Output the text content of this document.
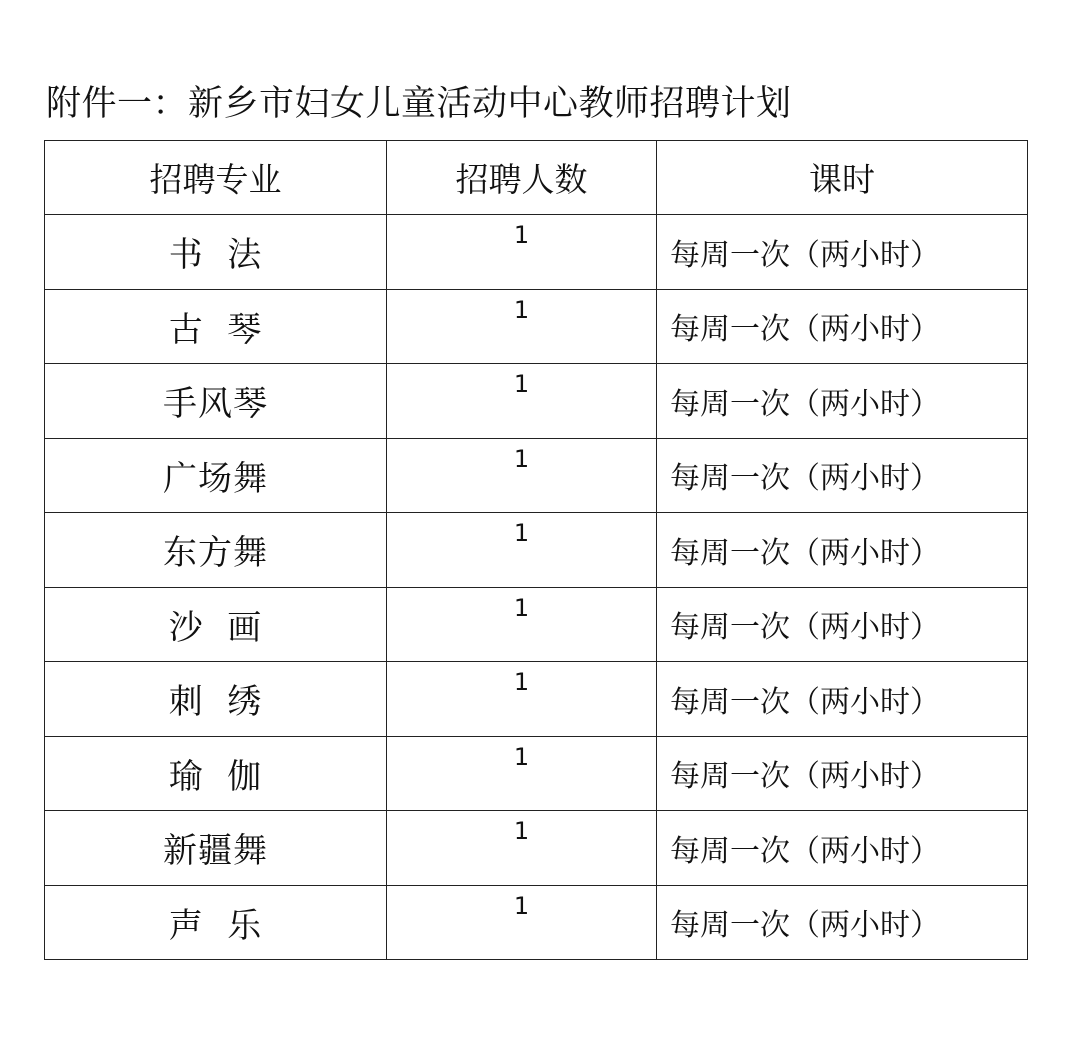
附件一：新乡市妇女儿童活动中心教师招聘计划
招聘专业	招聘人数	课时
书  法	1	每周一次（两小时）
古  琴	1	每周一次（两小时）
手风琴	1	每周一次（两小时）
广场舞	1	每周一次（两小时）
东方舞	1	每周一次（两小时）
沙  画	1	每周一次（两小时）
刺  绣	1	每周一次（两小时）
瑜  伽	1	每周一次（两小时）
新疆舞	1	每周一次（两小时）
声  乐	1	每周一次（两小时）
